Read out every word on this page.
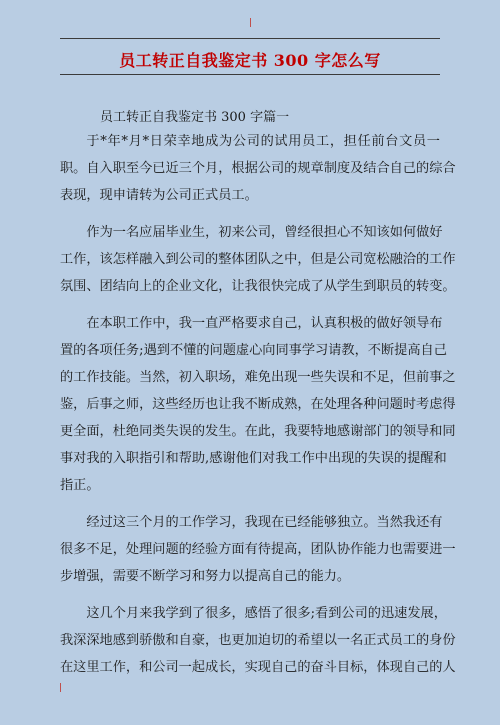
员工转正自我鉴定书 300 字怎么写
员工转正自我鉴定书 300 字篇一
于*年*月*日荣幸地成为公司的试用员工，担任前台文员一
职。自入职至今已近三个月，根据公司的规章制度及结合自己的综合
表现，现申请转为公司正式员工。
作为一名应届毕业生，初来公司，曾经很担心不知该如何做好
工作，该怎样融入到公司的整体团队之中，但是公司宽松融洽的工作
氛围、团结向上的企业文化，让我很快完成了从学生到职员的转变。
在本职工作中，我一直严格要求自己，认真积极的做好领导布
置的各项任务;遇到不懂的问题虚心向同事学习请教，不断提高自己
的工作技能。当然，初入职场，难免出现一些失误和不足，但前事之
鉴，后事之师，这些经历也让我不断成熟，在处理各种问题时考虑得
更全面，杜绝同类失误的发生。在此，我要特地感谢部门的领导和同
事对我的入职指引和帮助,感谢他们对我工作中出现的失误的提醒和
指正。
经过这三个月的工作学习，我现在已经能够独立。当然我还有
很多不足，处理问题的经验方面有待提高，团队协作能力也需要进一
步增强，需要不断学习和努力以提高自己的能力。
这几个月来我学到了很多，感悟了很多;看到公司的迅速发展，
我深深地感到骄傲和自豪，也更加迫切的希望以一名正式员工的身份
在这里工作，和公司一起成长，实现自己的奋斗目标，体现自己的人
